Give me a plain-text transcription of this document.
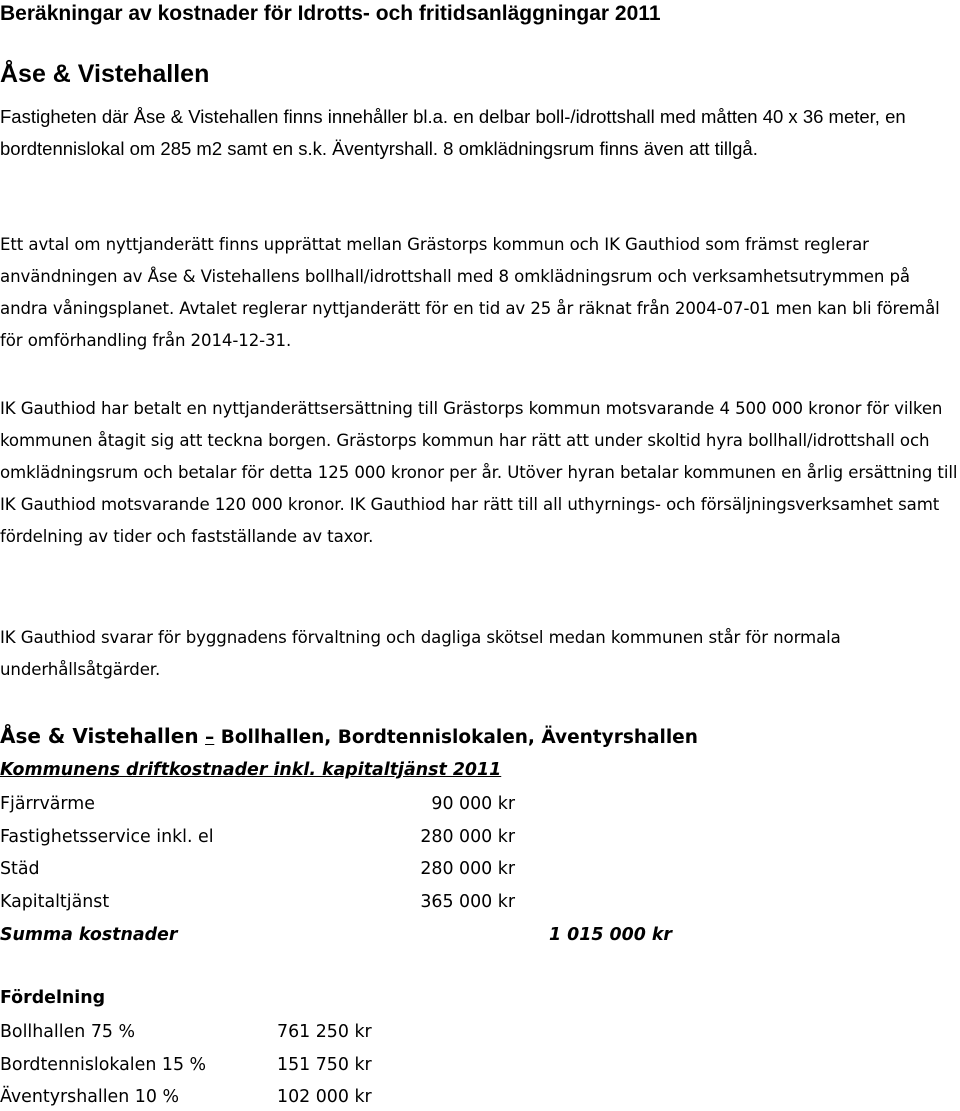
Beräkningar av kostnader för Idrotts- och fritidsanläggningar 2011
Åse & Vistehallen
Fastigheten där Åse & Vistehallen finns innehåller bl.a. en delbar boll-/idrottshall med måtten 40 x 36 meter, en bordtennislokal om 285 m2 samt en s.k. Äventyrshall. 8 omklädningsrum finns även att tillgå.
Ett avtal om nyttjanderätt finns upprättat mellan Grästorps kommun och IK Gauthiod som främst reglerar användningen av Åse & Vistehallens bollhall/idrottshall med 8 omklädningsrum och verksamhetsutrymmen på andra våningsplanet. Avtalet reglerar nyttjanderätt för en tid av 25 år räknat från 2004-07-01 men kan bli föremål för omförhandling från 2014-12-31.
IK Gauthiod har betalt en nyttjanderättsersättning till Grästorps kommun motsvarande 4 500 000 kronor för vilken kommunen åtagit sig att teckna borgen. Grästorps kommun har rätt att under skoltid hyra bollhall/idrottshall och omklädningsrum och betalar för detta 125 000 kronor per år. Utöver hyran betalar kommunen en årlig ersättning till IK Gauthiod motsvarande 120 000 kronor. IK Gauthiod har rätt till all uthyrnings- och försäljningsverksamhet samt fördelning av tider och fastställande av taxor.
IK Gauthiod svarar för byggnadens förvaltning och dagliga skötsel medan kommunen står för normala underhållsåtgärder.
Åse & Vistehallen – Bollhallen, Bordtennislokalen, Äventyrshallen
Kommunens driftkostnader inkl. kapitaltjänst 2011
Fjärrvärme	90 000 kr
Fastighetsservice inkl. el	280 000 kr
Städ	280 000 kr
Kapitaltjänst	365 000 kr
Summa kostnader	1 015 000 kr
Fördelning
Bollhallen 75 %	761 250 kr
Bordtennislokalen 15 %	151 750 kr
Äventyrshallen 10 %	102 000 kr
